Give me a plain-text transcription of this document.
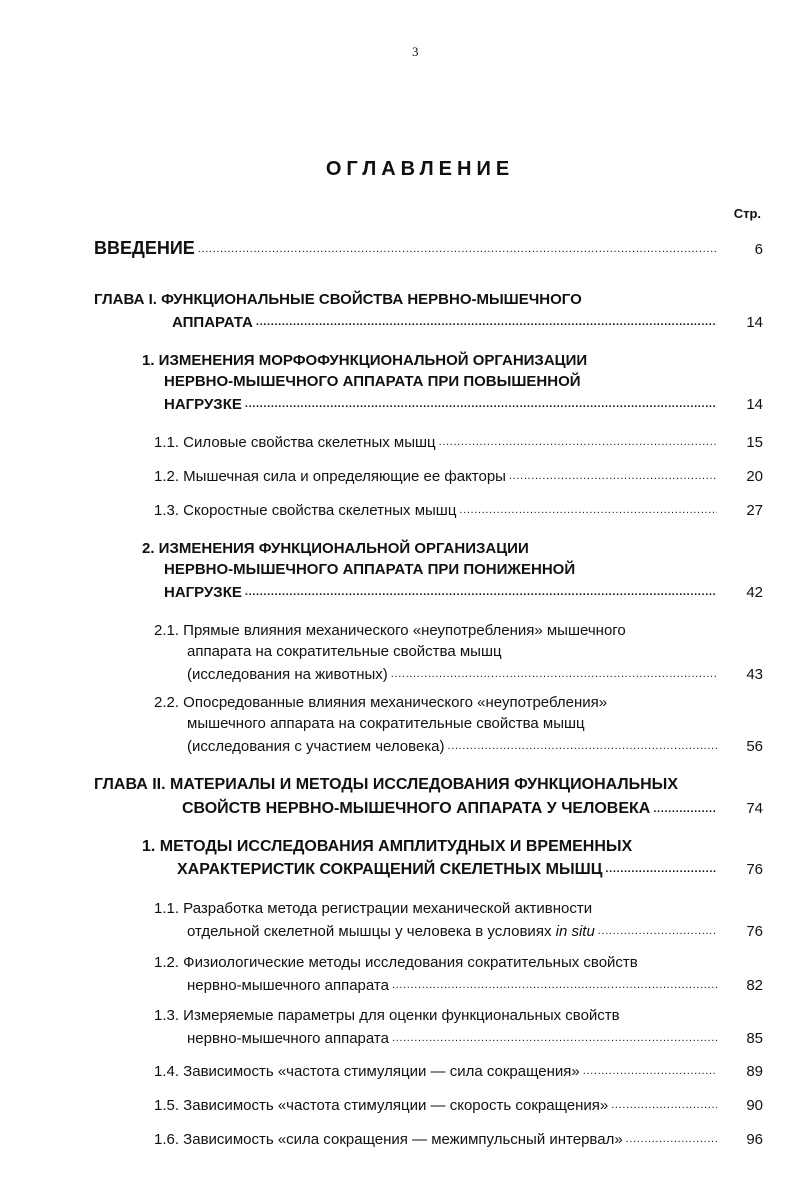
3
ОГЛАВЛЕНИЕ
Стр.
ВВЕДЕНИЕ . . .	6
ГЛАВА I. ФУНКЦИОНАЛЬНЫЕ СВОЙСТВА НЕРВНО-МЫШЕЧНОГО
АППАРАТА . . .	14
1. ИЗМЕНЕНИЯ МОРФОФУНКЦИОНАЛЬНОЙ ОРГАНИЗАЦИИ
НЕРВНО-МЫШЕЧНОГО АППАРАТА ПРИ ПОВЫШЕННОЙ
НАГРУЗКЕ . . .	14
1.1. Силовые свойства скелетных мышц . . .	15
1.2. Мышечная сила и определяющие ее факторы . . .	20
1.3. Скоростные свойства скелетных мышц . . .	27
2. ИЗМЕНЕНИЯ ФУНКЦИОНАЛЬНОЙ ОРГАНИЗАЦИИ
НЕРВНО-МЫШЕЧНОГО АППАРАТА ПРИ ПОНИЖЕННОЙ
НАГРУЗКЕ . . .	42
2.1. Прямые влияния механического «неупотребления» мышечного
аппарата на сократительные свойства мышц
(исследования на животных) . . .	43
2.2. Опосредованные влияния механического «неупотребления»
мышечного аппарата на сократительные свойства мышц
(исследования с участием человека) . . .	56
ГЛАВА II. МАТЕРИАЛЫ И МЕТОДЫ ИССЛЕДОВАНИЯ ФУНКЦИОНАЛЬНЫХ
СВОЙСТВ НЕРВНО-МЫШЕЧНОГО АППАРАТА У ЧЕЛОВЕКА . . .	74
1. МЕТОДЫ ИССЛЕДОВАНИЯ АМПЛИТУДНЫХ И ВРЕМЕННЫХ
ХАРАКТЕРИСТИК СОКРАЩЕНИЙ СКЕЛЕТНЫХ МЫШЦ . . .	76
1.1. Разработка метода регистрации механической активности
отдельной скелетной мышцы у человека в условиях in situ . . .	76
1.2. Физиологические методы исследования сократительных свойств
нервно-мышечного аппарата . . .	82
1.3. Измеряемые параметры для оценки функциональных свойств
нервно-мышечного аппарата . . .	85
1.4. Зависимость «частота стимуляции — сила сокращения» . . .	89
1.5. Зависимость «частота стимуляции — скорость сокращения» . . .	90
1.6. Зависимость «сила сокращения — межимпульсный интервал» . . .	96
